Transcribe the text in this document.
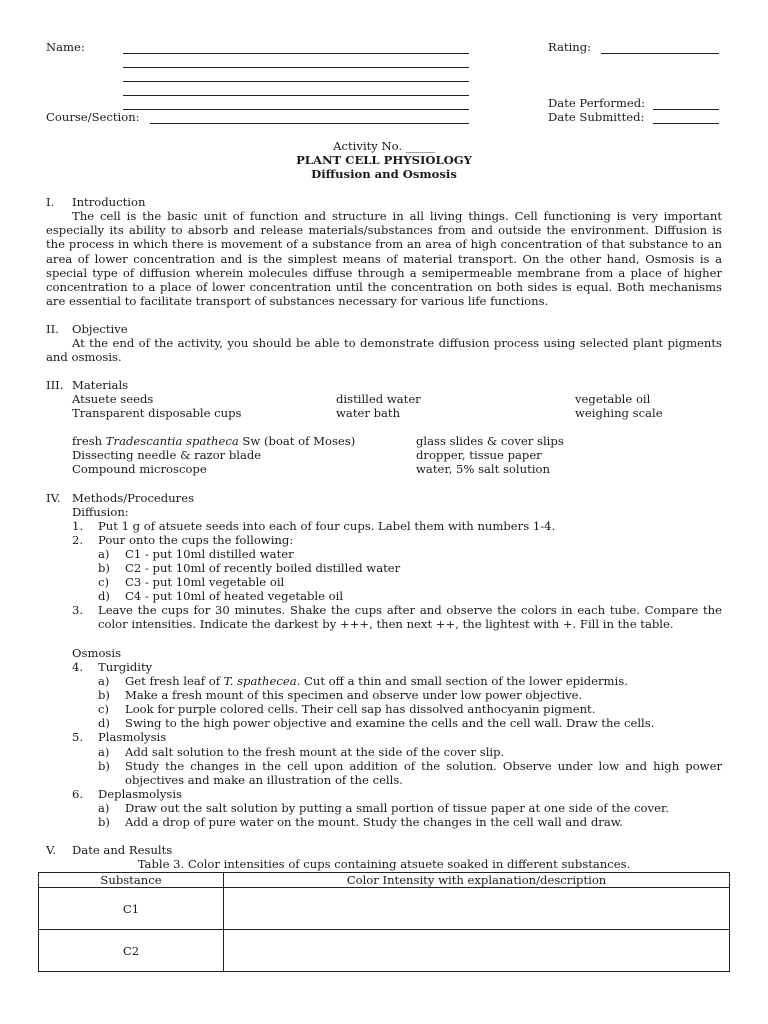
Name:
Course/Section:
Rating:
Date Performed:
Date Submitted:
Activity No. _____
PLANT CELL PHYSIOLOGY
Diffusion and Osmosis
I. Introduction
The cell is the basic unit of function and structure in all living things. Cell functioning is very important especially its ability to absorb and release materials/substances from and outside the environment. Diffusion is the process in which there is movement of a substance from an area of high concentration of that substance to an area of lower concentration and is the simplest means of material transport. On the other hand, Osmosis is a special type of diffusion wherein molecules diffuse through a semipermeable membrane from a place of higher concentration to a place of lower concentration until the concentration on both sides is equal. Both mechanisms are essential to facilitate transport of substances necessary for various life functions.
II. Objective
At the end of the activity, you should be able to demonstrate diffusion process using selected plant pigments and osmosis.
III. Materials
Atsuete seeds	distilled water	vegetable oil
Transparent disposable cups	water bath	weighing scale
fresh Tradescantia spatheca Sw (boat of Moses)	glass slides & cover slips
Dissecting needle & razor blade	dropper, tissue paper
Compound microscope	water, 5% salt solution
IV. Methods/Procedures
Diffusion:
1. Put 1 g of atsuete seeds into each of four cups. Label them with numbers 1-4.
2. Pour onto the cups the following:
a) C1 - put 10ml distilled water
b) C2 - put 10ml of recently boiled distilled water
c) C3 - put 10ml vegetable oil
d) C4 - put 10ml of heated vegetable oil
3. Leave the cups for 30 minutes. Shake the cups after and observe the colors in each tube. Compare the color intensities. Indicate the darkest by +++, then next ++, the lightest with +. Fill in the table.
Osmosis
4. Turgidity
a) Get fresh leaf of T. spathecea. Cut off a thin and small section of the lower epidermis.
b) Make a fresh mount of this specimen and observe under low power objective.
c) Look for purple colored cells. Their cell sap has dissolved anthocyanin pigment.
d) Swing to the high power objective and examine the cells and the cell wall. Draw the cells.
5. Plasmolysis
a) Add salt solution to the fresh mount at the side of the cover slip.
b) Study the changes in the cell upon addition of the solution. Observe under low and high power objectives and make an illustration of the cells.
6. Deplasmolysis
a) Draw out the salt solution by putting a small portion of tissue paper at one side of the cover.
b) Add a drop of pure water on the mount. Study the changes in the cell wall and draw.
V. Date and Results
Table 3. Color intensities of cups containing atsuete soaked in different substances.
Substance	Color Intensity with explanation/description
C1	
C2	
